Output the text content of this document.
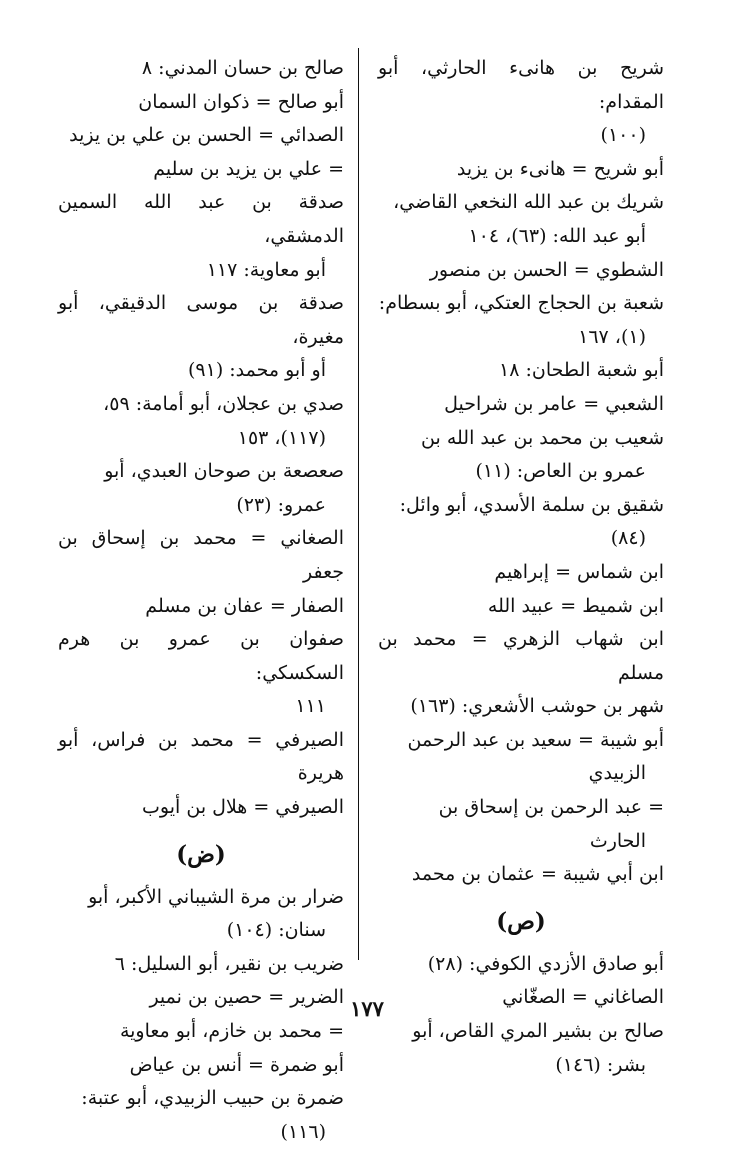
شريح بن هانىء الحارثي، أبو المقدام:
(١٠٠)
أبو شريح = هانىء بن يزيد
شريك بن عبد الله النخعي القاضي،
أبو عبد الله: (٦٣)، ١٠٤
الشطوي = الحسن بن منصور
شعبة بن الحجاج العتكي، أبو بسطام:
(١)، ١٦٧
أبو شعبة الطحان: ١٨
الشعبي = عامر بن شراحيل
شعيب بن محمد بن عبد الله بن
عمرو بن العاص: (١١)
شقيق بن سلمة الأسدي، أبو وائل:
(٨٤)
ابن شماس = إبراهيم
ابن شميط = عبيد الله
ابن شهاب الزهري = محمد بن مسلم
شهر بن حوشب الأشعري: (١٦٣)
أبو شيبة = سعيد بن عبد الرحمن
الزبيدي
= عبد الرحمن بن إسحاق بن
الحارث
ابن أبي شيبة = عثمان بن محمد
(ص)
أبو صادق الأزدي الكوفي: (٢٨)
الصاغاني = الصغّاني
صالح بن بشير المري القاص، أبو
بشر: (١٤٦)
صالح بن حسان المدني: ٨
أبو صالح = ذكوان السمان
الصدائي = الحسن بن علي بن يزيد
= علي بن يزيد بن سليم
صدقة بن عبد الله السمين الدمشقي،
أبو معاوية: ١١٧
صدقة بن موسى الدقيقي، أبو مغيرة،
أو أبو محمد: (٩١)
صدي بن عجلان، أبو أمامة: ٥٩،
(١١٧)، ١٥٣
صعصعة بن صوحان العبدي، أبو
عمرو: (٢٣)
الصغاني = محمد بن إسحاق بن جعفر
الصفار = عفان بن مسلم
صفوان بن عمرو بن هرم السكسكي:
١١١
الصيرفي = محمد بن فراس، أبو هريرة
الصيرفي = هلال بن أيوب
(ض)
ضرار بن مرة الشيباني الأكبر، أبو
سنان: (١٠٤)
ضريب بن نقير، أبو السليل: ٦
الضرير = حصين بن نمير
= محمد بن خازم، أبو معاوية
أبو ضمرة = أنس بن عياض
ضمرة بن حبيب الزبيدي، أبو عتبة:
(١١٦)
١٧٧
